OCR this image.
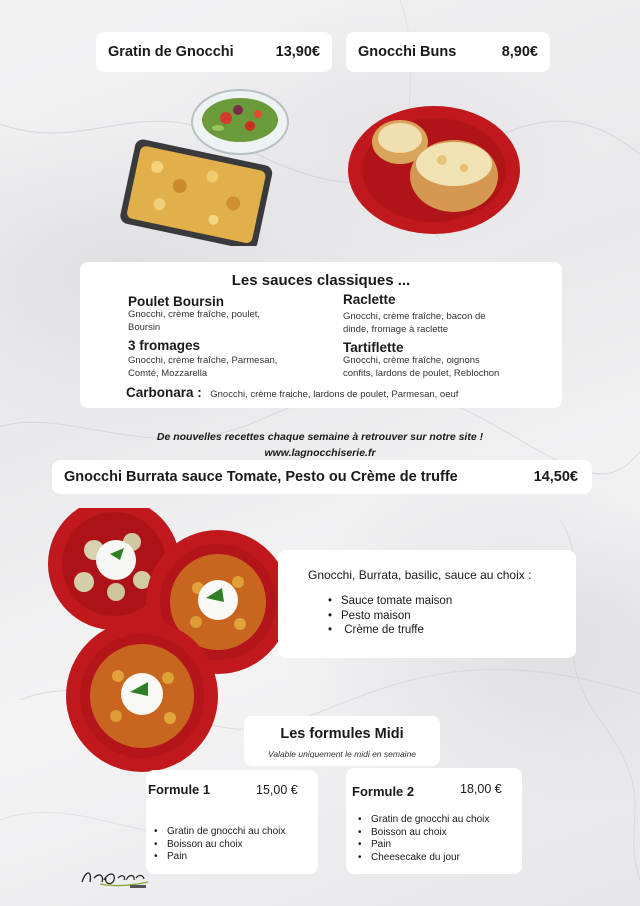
Gratin de Gnocchi	13,90€	Gnocchi Buns	8,90€
Les sauces classiques ...
Poulet Boursin
Gnocchi, crème fraîche, poulet,
Boursin
Raclette
Gnocchi, crème fraîche, bacon de
dinde, fromage à raclette
3 fromages
Gnocchi, crème fraîche, Parmesan,
Comté, Mozzarella
Tartiflette
Gnocchi, crème fraîche, oignons
confits, lardons de poulet, Reblochon
Carbonara : Gnocchi, crème fraiche, lardons de poulet, Parmesan, oeuf
De nouvelles recettes chaque semaine à retrouver sur notre site !
www.lagnocchiserie.fr
Gnocchi Burrata sauce Tomate, Pesto ou Crème de truffe	14,50€
Gnocchi, Burrata, basilic, sauce au choix :
• Sauce tomate maison
• Pesto maison
•  Crème de truffe
Les formules Midi
Valable uniquement le midi en semaine
Formule 1	15,00 €
• Gratin de gnocchi au choix
• Boisson au choix
• Pain
Formule 2	18,00 €
• Gratin de gnocchi au choix
• Boisson au choix
• Pain
• Cheesecake du jour
